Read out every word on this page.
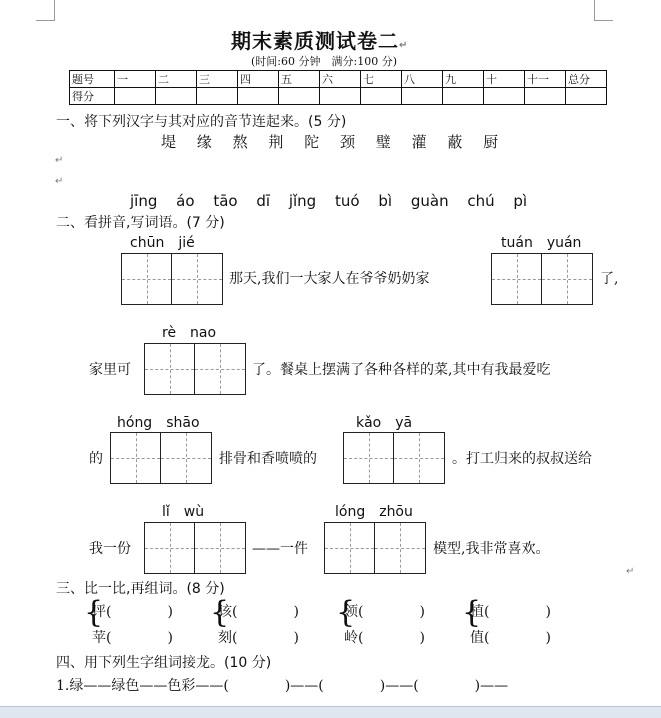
期末素质测试卷二↵
(时间:60 分钟　满分:100 分)
题号	一	二	三	四	五	六	七	八	九	十	十一	总分
得分												
一、将下列汉字与其对应的音节连起来。(5 分)
堤 缘 熬 荆 陀 颈 璧 灌 蔽 厨
↵
↵
jīng áo tāo dī jǐng tuó bì guàn chú pì
二、看拼音,写词语。(7 分)
chūn　jié	tuán　yuán
那天,我们一大家人在爷爷奶奶家	了,
rè　nao
家里可	了。餐桌上摆满了各种各样的菜,其中有我最爱吃
hóng　shāo	kǎo　yā
的	排骨和香喷喷的	。打工归来的叔叔送给
lǐ　wù	lóng　zhōu
我一份	——一件	模型,我非常喜欢。
↵
三、比一比,再组词。(8 分)
{
评(　　　　)
苹(　　　　)
{
该(　　　　)
刻(　　　　)
{
领(　　　　)
岭(　　　　)
{
植(　　　　)
值(　　　　)
四、用下列生字组词接龙。(10 分)
1.绿——绿色——色彩——(　　　　)——(　　　　)——(　　　　)——
